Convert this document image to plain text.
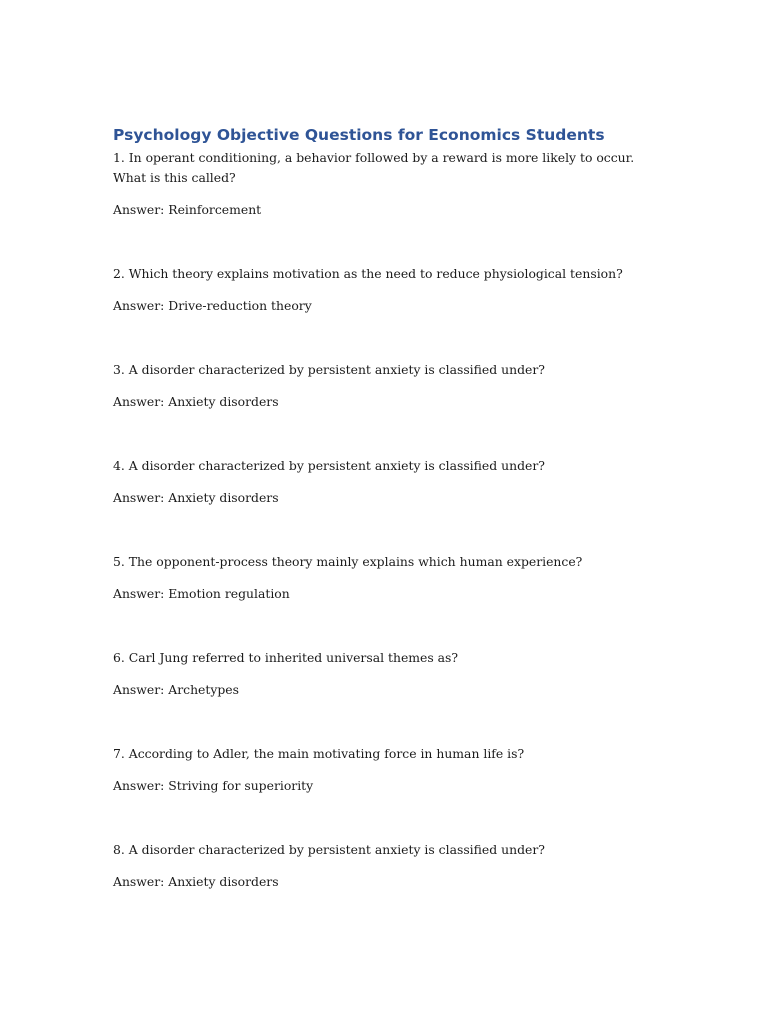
Psychology Objective Questions for Economics Students

1. In operant conditioning, a behavior followed by a reward is more likely to occur. What is this called?

Answer: Reinforcement

2. Which theory explains motivation as the need to reduce physiological tension?

Answer: Drive-reduction theory

3. A disorder characterized by persistent anxiety is classified under?

Answer: Anxiety disorders

4. A disorder characterized by persistent anxiety is classified under?

Answer: Anxiety disorders

5. The opponent-process theory mainly explains which human experience?

Answer: Emotion regulation

6. Carl Jung referred to inherited universal themes as?

Answer: Archetypes

7. According to Adler, the main motivating force in human life is?

Answer: Striving for superiority

8. A disorder characterized by persistent anxiety is classified under?

Answer: Anxiety disorders
